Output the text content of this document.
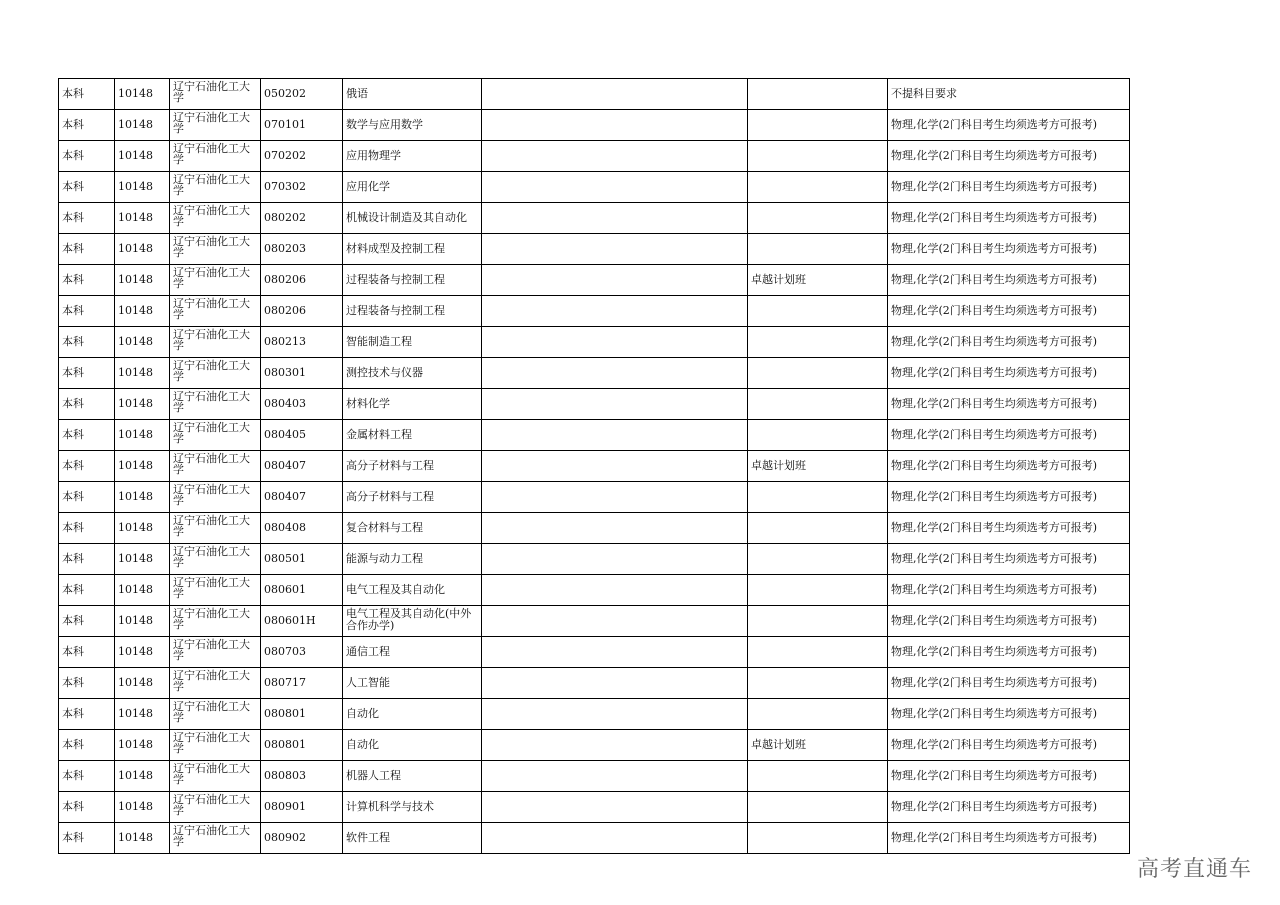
本科	10148	辽宁石油化工大学	050202	俄语			不提科目要求
本科	10148	辽宁石油化工大学	070101	数学与应用数学			物理,化学(2门科目考生均须选考方可报考)
本科	10148	辽宁石油化工大学	070202	应用物理学			物理,化学(2门科目考生均须选考方可报考)
本科	10148	辽宁石油化工大学	070302	应用化学			物理,化学(2门科目考生均须选考方可报考)
本科	10148	辽宁石油化工大学	080202	机械设计制造及其自动化			物理,化学(2门科目考生均须选考方可报考)
本科	10148	辽宁石油化工大学	080203	材料成型及控制工程			物理,化学(2门科目考生均须选考方可报考)
本科	10148	辽宁石油化工大学	080206	过程装备与控制工程		卓越计划班	物理,化学(2门科目考生均须选考方可报考)
本科	10148	辽宁石油化工大学	080206	过程装备与控制工程			物理,化学(2门科目考生均须选考方可报考)
本科	10148	辽宁石油化工大学	080213	智能制造工程			物理,化学(2门科目考生均须选考方可报考)
本科	10148	辽宁石油化工大学	080301	测控技术与仪器			物理,化学(2门科目考生均须选考方可报考)
本科	10148	辽宁石油化工大学	080403	材料化学			物理,化学(2门科目考生均须选考方可报考)
本科	10148	辽宁石油化工大学	080405	金属材料工程			物理,化学(2门科目考生均须选考方可报考)
本科	10148	辽宁石油化工大学	080407	高分子材料与工程		卓越计划班	物理,化学(2门科目考生均须选考方可报考)
本科	10148	辽宁石油化工大学	080407	高分子材料与工程			物理,化学(2门科目考生均须选考方可报考)
本科	10148	辽宁石油化工大学	080408	复合材料与工程			物理,化学(2门科目考生均须选考方可报考)
本科	10148	辽宁石油化工大学	080501	能源与动力工程			物理,化学(2门科目考生均须选考方可报考)
本科	10148	辽宁石油化工大学	080601	电气工程及其自动化			物理,化学(2门科目考生均须选考方可报考)
本科	10148	辽宁石油化工大学	080601H	电气工程及其自动化(中外合作办学)			物理,化学(2门科目考生均须选考方可报考)
本科	10148	辽宁石油化工大学	080703	通信工程			物理,化学(2门科目考生均须选考方可报考)
本科	10148	辽宁石油化工大学	080717	人工智能			物理,化学(2门科目考生均须选考方可报考)
本科	10148	辽宁石油化工大学	080801	自动化			物理,化学(2门科目考生均须选考方可报考)
本科	10148	辽宁石油化工大学	080801	自动化		卓越计划班	物理,化学(2门科目考生均须选考方可报考)
本科	10148	辽宁石油化工大学	080803	机器人工程			物理,化学(2门科目考生均须选考方可报考)
本科	10148	辽宁石油化工大学	080901	计算机科学与技术			物理,化学(2门科目考生均须选考方可报考)
本科	10148	辽宁石油化工大学	080902	软件工程			物理,化学(2门科目考生均须选考方可报考)
高考直通车
